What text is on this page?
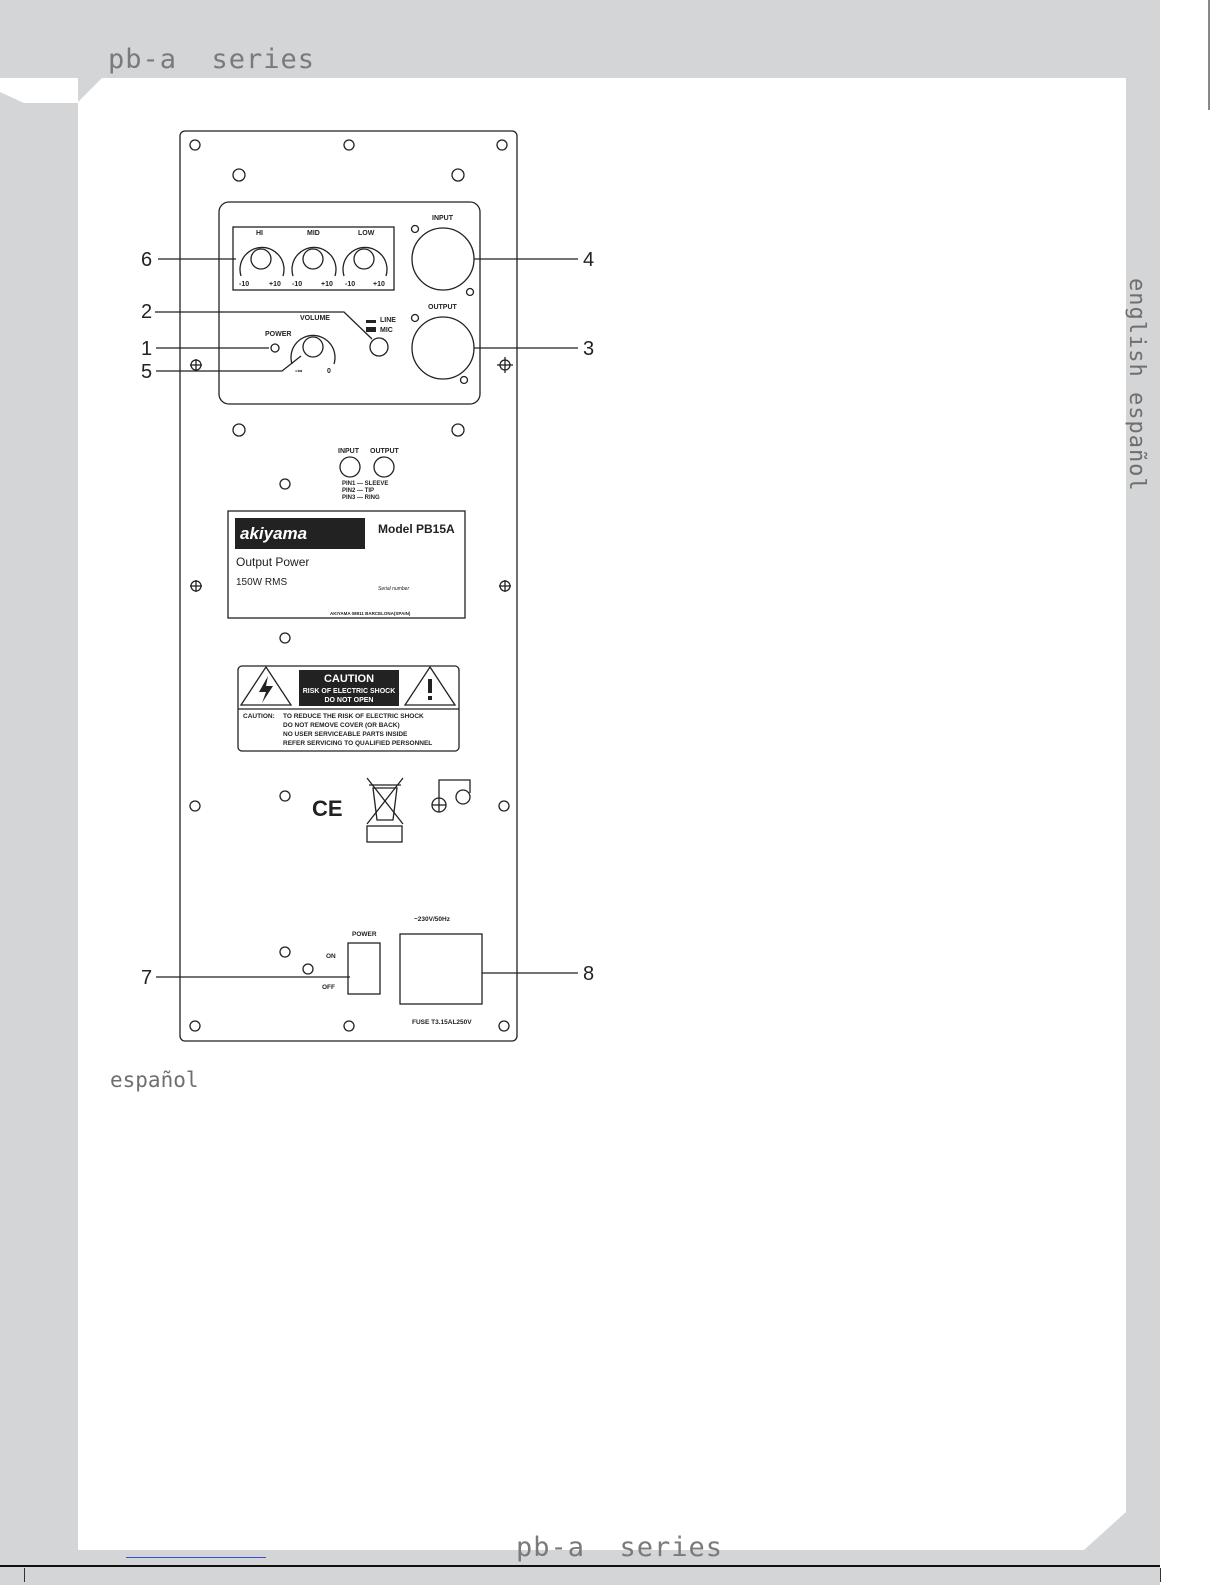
pb-a  series
english español
español
pb-a  series
6
2
1
5
4
3
7	8
HI	MID	LOW
-10	+10 -10	+10 -10	+10
INPUT
OUTPUT
LINE
MIC
POWER
VOLUME
-∞	0
INPUT OUTPUT
PIN1 — SLEEVE
PIN2 — TIP
PIN3 — RING
akiyama	Model PB15A
Output Power
150W RMS
Serial number
AKIYAMA 08911 BARCELONA(SPAIN)
CAUTION
RISK OF ELECTRIC SHOCK
DO NOT OPEN
CAUTION: TO REDUCE THE RISK OF ELECTRIC SHOCK
DO NOT REMOVE COVER (OR BACK)
NO USER SERVICEABLE PARTS INSIDE
REFER SERVICING TO QUALIFIED PERSONNEL
CE
POWER
ON
OFF
~230V/50Hz
FUSE T3.15AL250V
